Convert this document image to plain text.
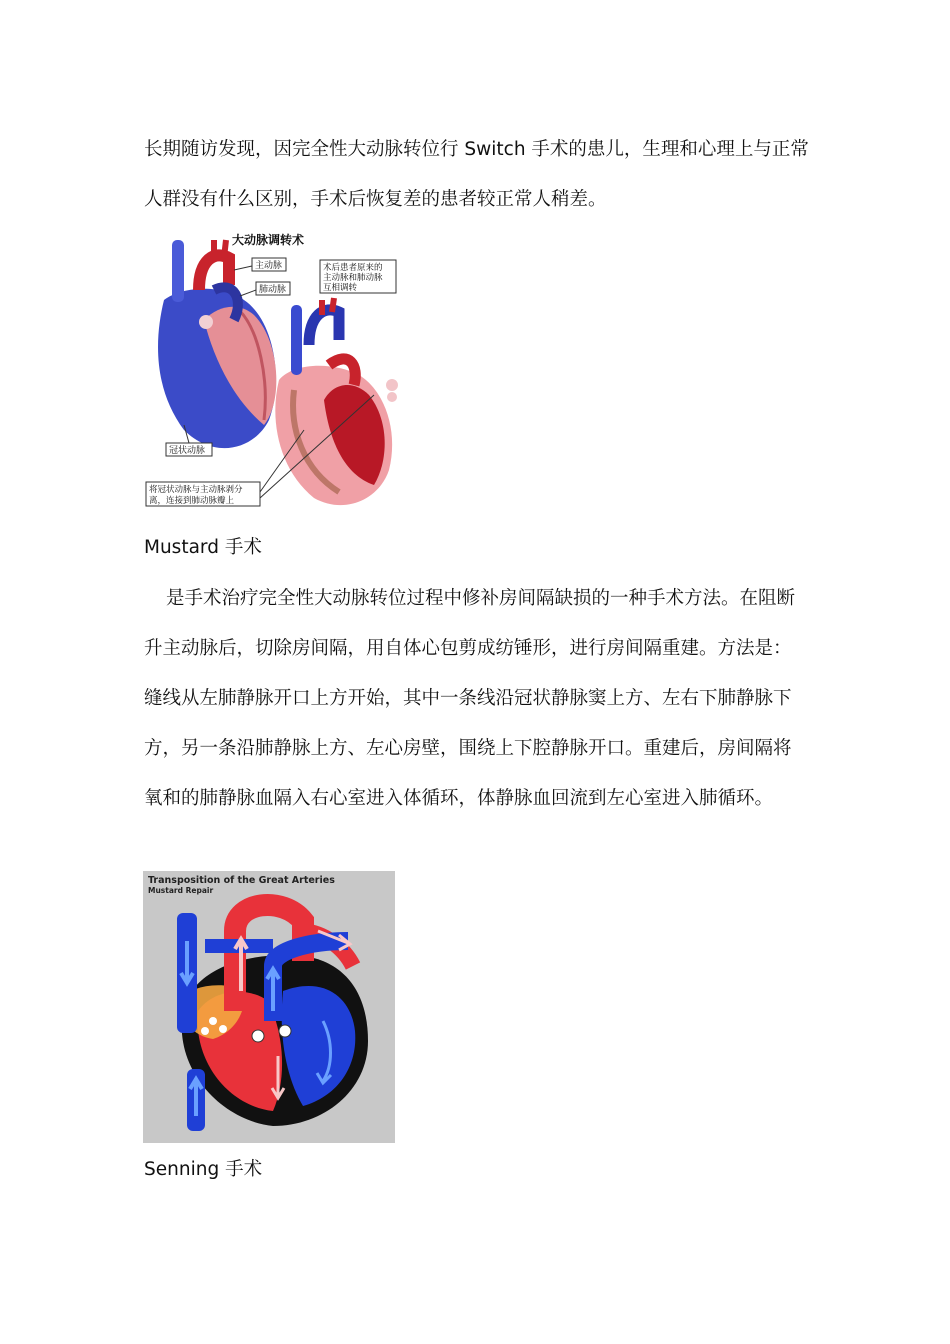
长期随访发现，因完全性大动脉转位行 Switch 手术的患儿，生理和心理上与正常人群没有什么区别，手术后恢复差的患者较正常人稍差。

大动脉调转术
主动脉
肺动脉
术后患者原来的
主动脉和肺动脉
互相调转
冠状动脉
将冠状动脉与主动脉剥分
离，连接到肺动脉瓣上

Mustard 手术

是手术治疗完全性大动脉转位过程中修补房间隔缺损的一种手术方法。在阻断升主动脉后，切除房间隔，用自体心包剪成纺锤形，进行房间隔重建。方法是：缝线从左肺静脉开口上方开始，其中一条线沿冠状静脉窦上方、左右下肺静脉下方，另一条沿肺静脉上方、左心房壁，围绕上下腔静脉开口。重建后，房间隔将氧和的肺静脉血隔入右心室进入体循环，体静脉血回流到左心室进入肺循环。

Transposition of the Great Arteries
Mustard Repair

Senning 手术
